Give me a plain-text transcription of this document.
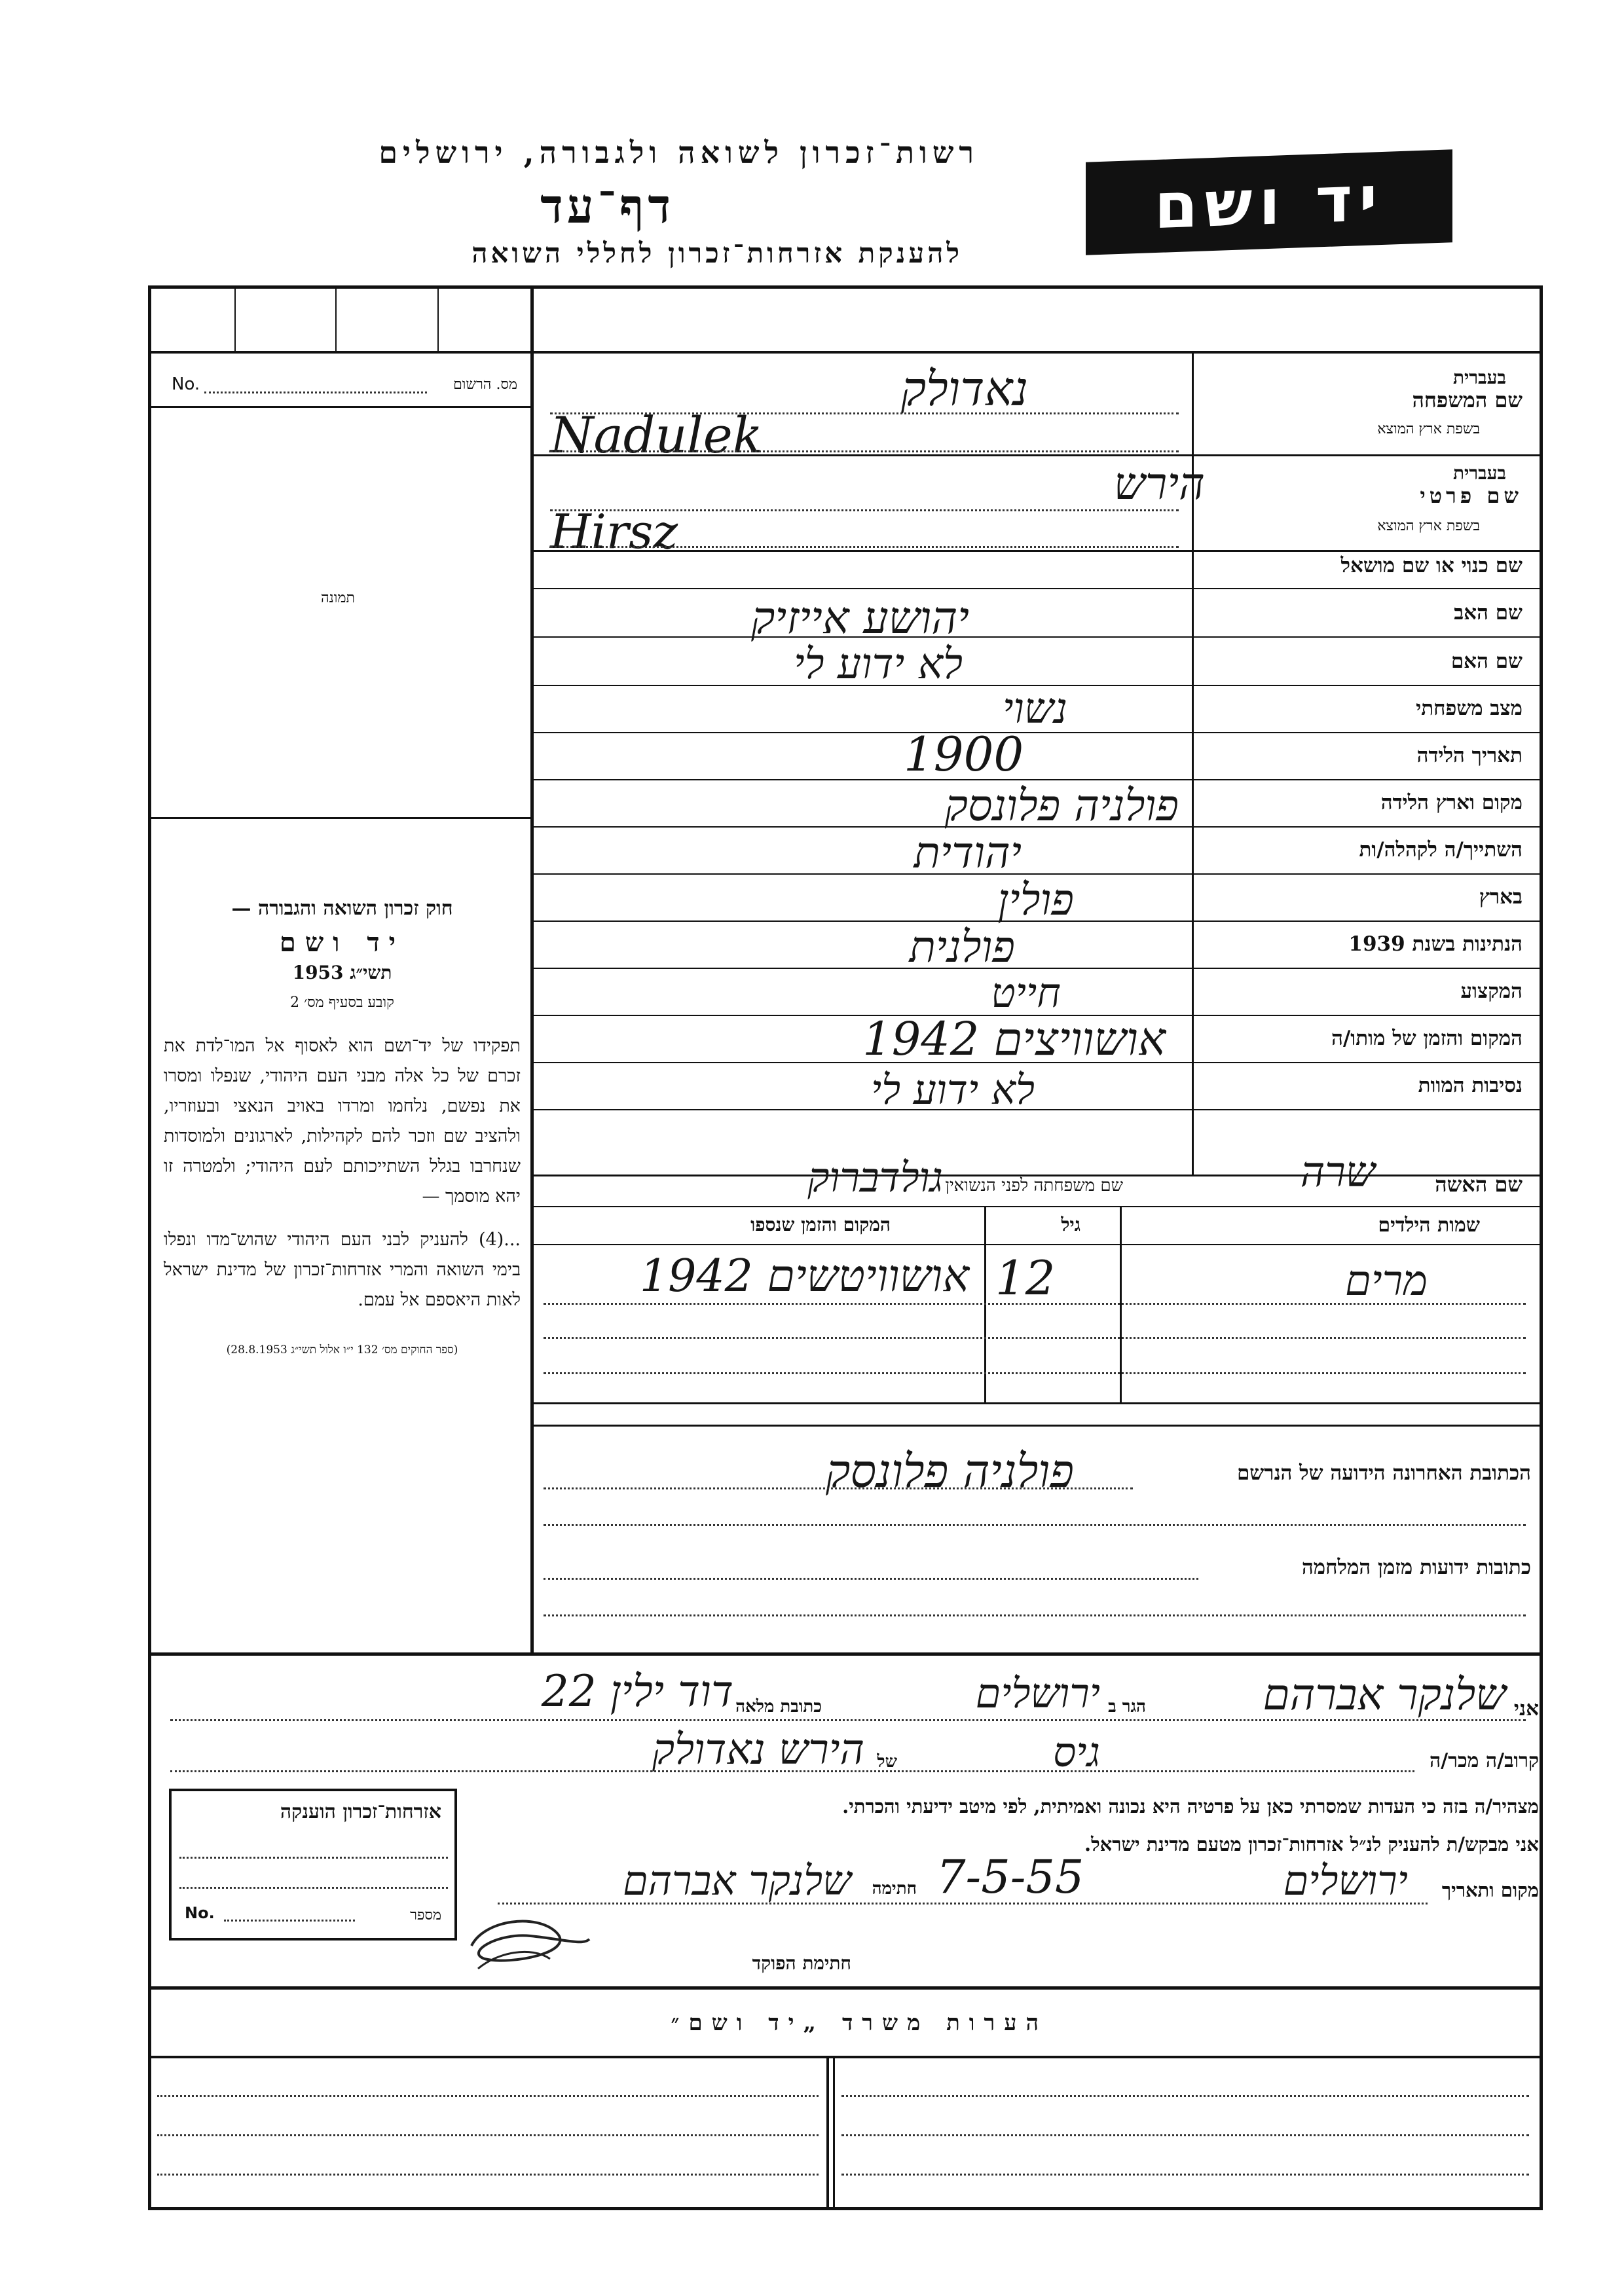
רשות־זכרון לשואה ולגבורה, ירושלים
דף־עד
להענקת אזרחות־זכרון לחללי השואה
יד ושם
No.	מס. הרשום
תמונה

חוק זכרון השואה והגבורה —

יד ושם

תשי״ג 1953

קובע בסעיף מס׳ 2

תפקידו של יד־ושם הוא לאסוף אל המו־לדת את זכרם של כל אלה מבני העם היהודי, שנפלו ומסרו את נפשם, נלחמו ומרדו באויב הנאצי ובעוזריו, ולהציב שם וזכר להם לקהילות, לארגונים ולמוסדות שנחרבו בגלל השתייכותם לעם היהודי; ולמטרה זו יהא מוסמך —

...(4) להעניק לבני העם היהודי שהוש־מדו ונפלו בימי השואה והמרי אזרחות־זכרון של מדינת ישראל לאות היאספם אל עמם.

(ספר החוקים מס׳ 132 י״ו אלול תשי״ג 28.8.1953)

שם המשפחה
בעברית
בשפת ארץ המוצא
נאדולק
Nadulek
שם פרטי
בעברית
בשפת ארץ המוצא
הירש
Hirsz
שם כנוי או שם מושאל
שם האב
יהושע אייזיק
שם האם
לא ידוע לי
מצב משפחתי
נשוי
תאריך הלידה
1900
מקום וארץ הלידה
פולניה פלונסק
השתייך/ה לקהלה/ות
יהודית
בארץ
פולין
הנתינות בשנת 1939
פולנית
המקצוע
חייט
המקום והזמן של מותו/ה
אושוויצים 1942
נסיבות המוות
לא ידוע לי
שם האשה
שרה
שם משפחתה לפני הנשואין
גולדברוק
שמות הילדים
גיל
המקום והזמן שנספו
מרים
12
אושוויטשים 1942
הכתובת האחרונה הידועה של הנרשם
פולניה פלונסק
כתובות ידועות מזמן המלחמה
אני
שלנקר אברהם
הגר ב
ירושלים
כתובת מלאה
דוד ילין 22
קרוב/ה מכר/ה
גיס
של
הירש נאדולק
מצהיר/ה בזה כי העדות שמסרתי כאן על פרטיה היא נכונה ואמיתית, לפי מיטב ידיעתי והכרתי.
אני מבקש/ת להעניק לנ״ל אזרחות־זכרון מטעם מדינת ישראל.
מקום ותאריך
ירושלים
7-5-55
חתימה
שלנקר אברהם
חתימת הפוקד
אזרחות־זכרון הוענקה
No.	מספר
הערות משרד „יד ושם״
